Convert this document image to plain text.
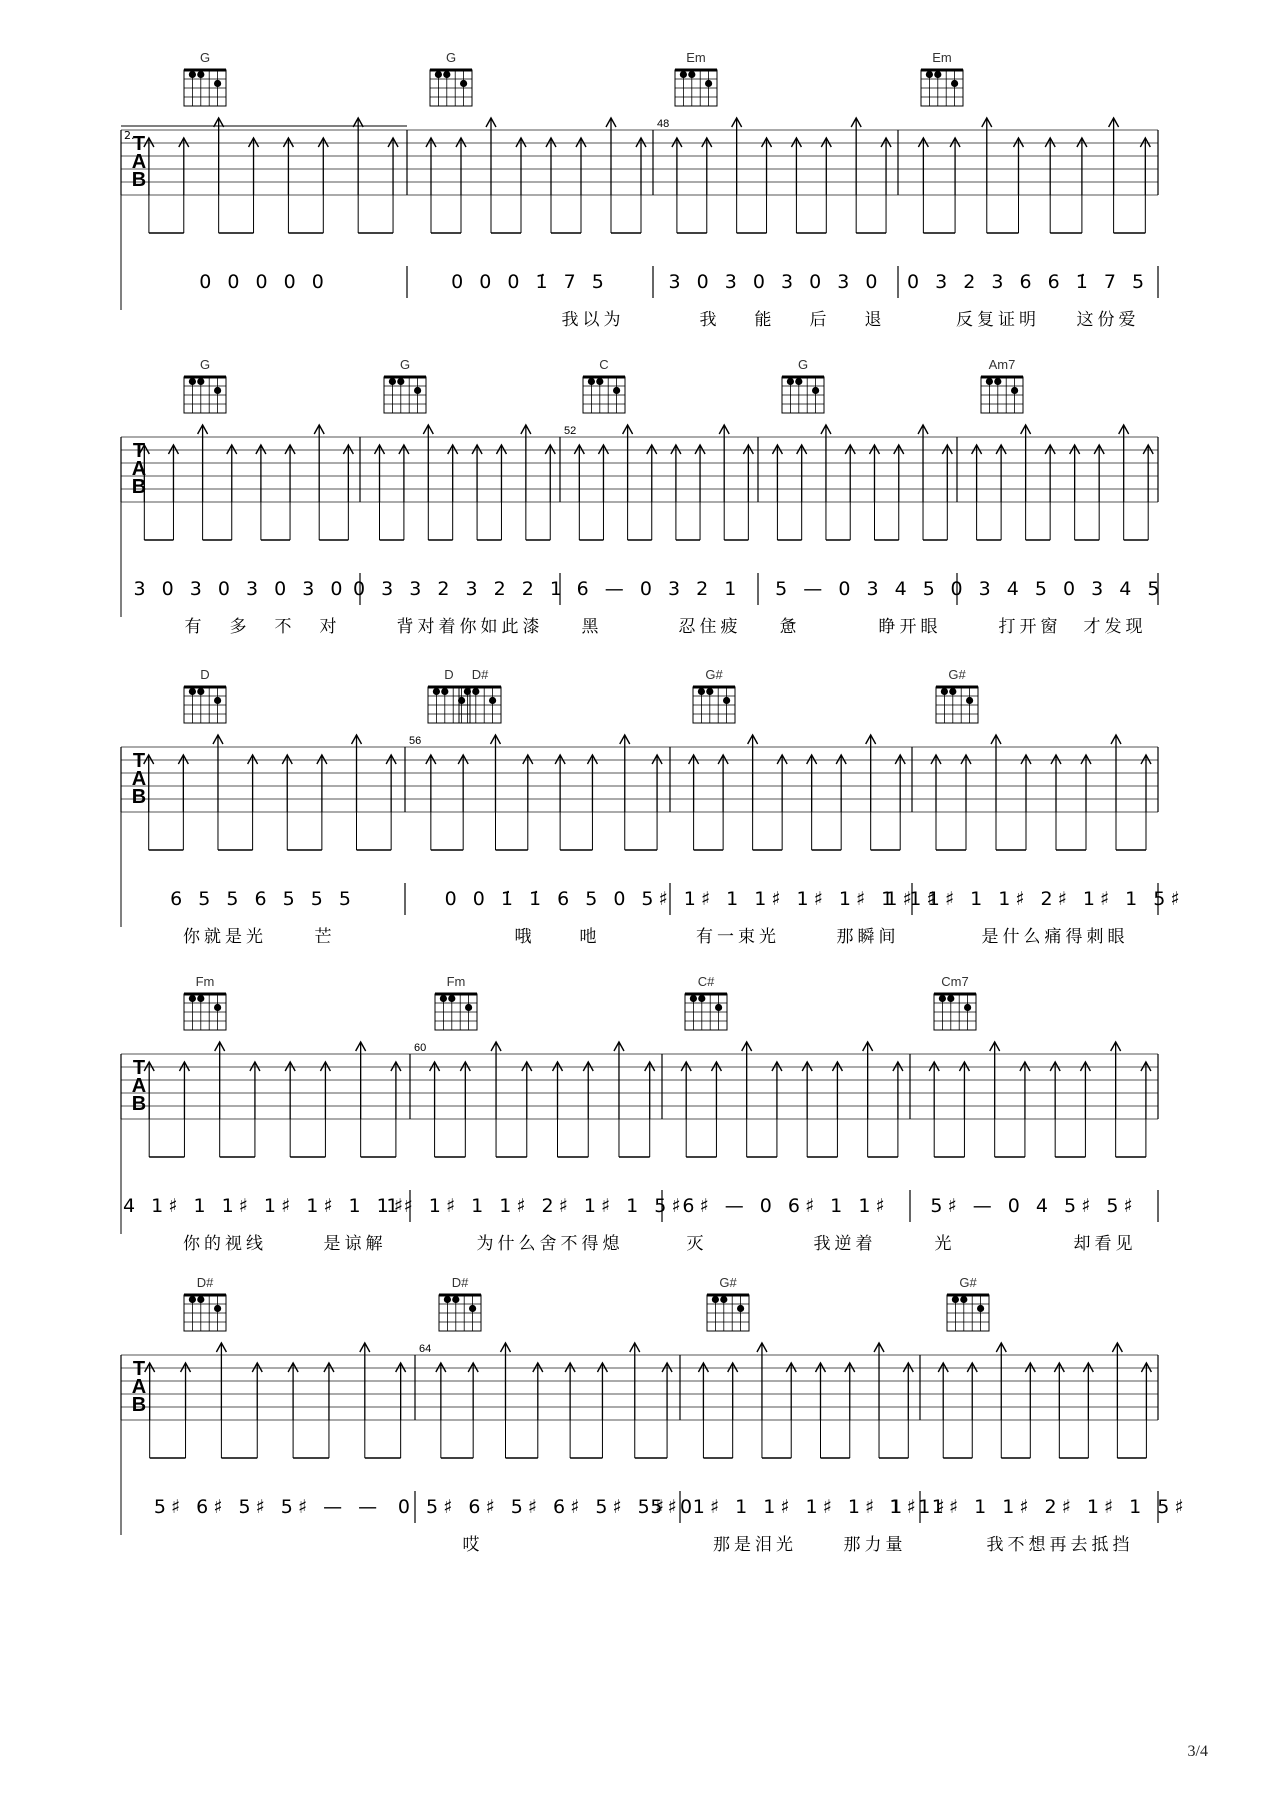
G	G	Em	Em
T
A
B
48
2.
0 0 0 0 0	0 0 0 1̇ 7 5	3 0 3 0 3 0 3 0 0 3 2 3 6 6 1̇ 7 5
我以为	我 能 后 退	反复证明 这份爱
G	G	C	G	Am7
T
A
B
52
3 0 3 0 3 0 3 0 0 3 3 2 3 2 2 1 6 — 0 3 2 1 5 — 0 3 4 5 0 3 4 5 0 3 4 5
有 多 不 对	背对着你如此漆 黑	忍住疲 惫	睁开眼	打开窗 才发现
D	D D#	G#	G#
T
A
B
56
6 5 5 6 5 5 5	0 0 1̇ 1̇ 6 5 0 5♯ 1♯ 1 1♯ 1♯ 1♯ 1 1♯
1♯ 1♯ 1 1♯ 2♯ 1♯ 1 5♯
你就是光	芒	哦	吔	有一束光	那瞬间	是什么痛得刺眼
Fm	Fm	C#	Cm7
T
A
B
60
4 1♯ 1 1♯ 1♯ 1♯ 1 1♯
1♯ 1♯ 1 1♯ 2♯ 1♯ 1 5♯
6♯ — 0 6♯ 1 1♯ 5♯ — 0 4 5♯ 5♯
你的视线	是谅解	为什么舍不得熄	灭	我逆着	光	却看见
D#	D#	G#	G#
T
A
B
64
5♯ 6♯ 5♯ 5♯ — — 0 5♯ 6♯ 5♯ 6♯ 5♯ 5♯ 0
5♯ 1♯ 1 1♯ 1♯ 1♯ 1 1♯
1♯ 1♯ 1 1♯ 2♯ 1♯ 1 5♯
哎	那是泪光	那力量	我不想再去抵挡
3/4
